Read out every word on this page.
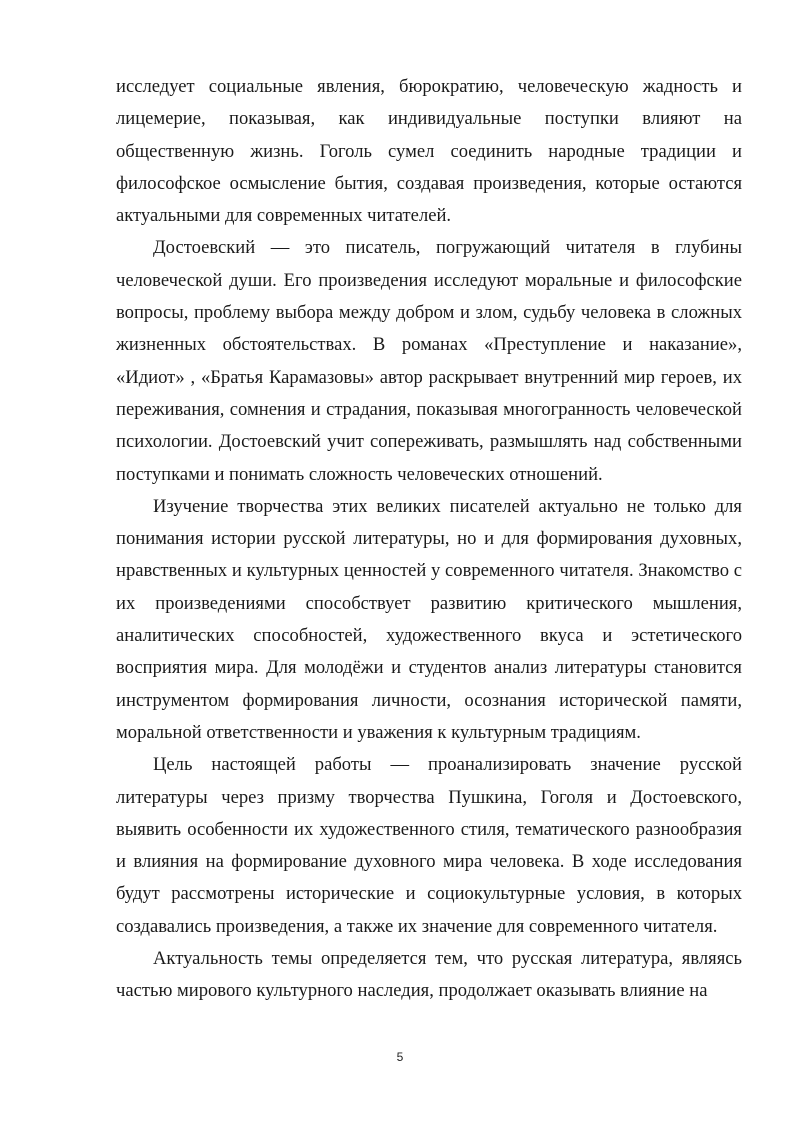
исследует социальные явления, бюрократию, человеческую жадность и лицемерие, показывая, как индивидуальные поступки влияют на общественную жизнь. Гоголь сумел соединить народные традиции и философское осмысление бытия, создавая произведения, которые остаются актуальными для современных читателей.

Достоевский — это писатель, погружающий читателя в глубины человеческой души. Его произведения исследуют моральные и философские вопросы, проблему выбора между добром и злом, судьбу человека в сложных жизненных обстоятельствах. В романах «Преступление и наказание», «Идиот» , «Братья Карамазовы» автор раскрывает внутренний мир героев, их переживания, сомнения и страдания, показывая многогранность человеческой психологии. Достоевский учит сопереживать, размышлять над собственными поступками и понимать сложность человеческих отношений.

Изучение творчества этих великих писателей актуально не только для понимания истории русской литературы, но и для формирования духовных, нравственных и культурных ценностей у современного читателя. Знакомство с их произведениями способствует развитию критического мышления, аналитических способностей, художественного вкуса и эстетического восприятия мира. Для молодёжи и студентов анализ литературы становится инструментом формирования личности, осознания исторической памяти, моральной ответственности и уважения к культурным традициям.

Цель настоящей работы — проанализировать значение русской литературы через призму творчества Пушкина, Гоголя и Достоевского, выявить особенности их художественного стиля, тематического разнообразия и влияния на формирование духовного мира человека. В ходе исследования будут рассмотрены исторические и социокультурные условия, в которых создавались произведения, а также их значение для современного читателя.

Актуальность темы определяется тем, что русская литература, являясь частью мирового культурного наследия, продолжает оказывать влияние на

5
